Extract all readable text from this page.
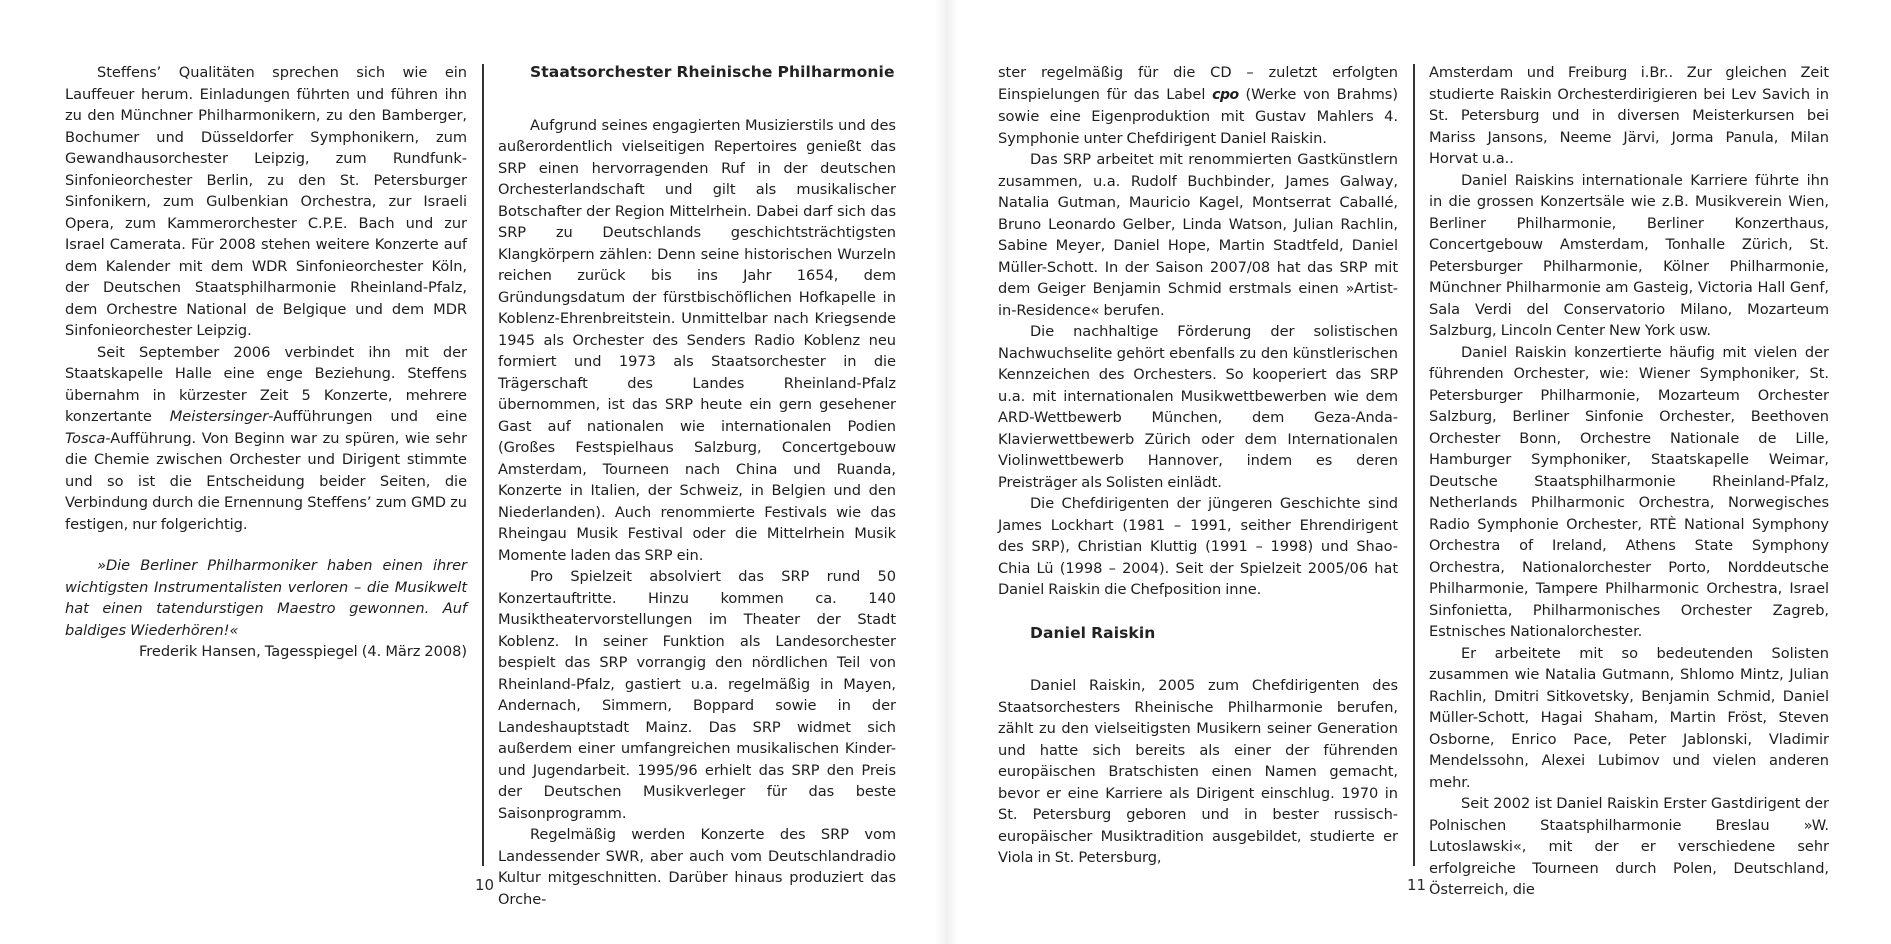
Steffens’ Qualitäten sprechen sich wie ein Lauffeuer herum. Einladungen führten und führen ihn zu den Münchner Philharmonikern, zu den Bamberger, Bochumer und Düsseldorfer Symphonikern, zum Gewandhausorchester Leipzig, zum Rundfunk-Sinfonieorchester Berlin, zu den St. Petersburger Sinfonikern, zum Gulbenkian Orchestra, zur Israeli Opera, zum Kammerorchester C.P.E. Bach und zur Israel Camerata. Für 2008 stehen weitere Konzerte auf dem Kalender mit dem WDR Sinfonieorchester Köln, der Deutschen Staatsphilharmonie Rheinland-Pfalz, dem Orchestre National de Belgique und dem MDR Sinfonieorchester Leipzig.

Seit September 2006 verbindet ihn mit der Staatskapelle Halle eine enge Beziehung. Steffens übernahm in kürzester Zeit 5 Konzerte, mehrere konzertante Meistersinger-Aufführungen und eine Tosca-Aufführung. Von Beginn war zu spüren, wie sehr die Chemie zwischen Orchester und Dirigent stimmte und so ist die Entscheidung beider Seiten, die Verbindung durch die Ernennung Steffens’ zum GMD zu festigen, nur folgerichtig.

»Die Berliner Philharmoniker haben einen ihrer wichtigsten Instrumentalisten verloren – die Musikwelt hat einen tatendurstigen Maestro gewonnen. Auf baldiges Wiederhören!«

Frederik Hansen, Tagesspiegel (4. März 2008)

Staatsorchester Rheinische Philharmonie

Aufgrund seines engagierten Musizierstils und des außerordentlich vielseitigen Repertoires genießt das SRP einen hervorragenden Ruf in der deutschen Orchesterlandschaft und gilt als musikalischer Botschafter der Region Mittelrhein. Dabei darf sich das SRP zu Deutschlands geschichtsträchtigsten Klangkörpern zählen: Denn seine historischen Wurzeln reichen zurück bis ins Jahr 1654, dem Gründungsdatum der fürstbischöflichen Hofkapelle in Koblenz-Ehrenbreitstein. Unmittelbar nach Kriegsende 1945 als Orchester des Senders Radio Koblenz neu formiert und 1973 als Staatsorchester in die Trägerschaft des Landes Rheinland-Pfalz übernommen, ist das SRP heute ein gern gesehener Gast auf nationalen wie internationalen Podien (Großes Festspielhaus Salzburg, Concertgebouw Amsterdam, Tourneen nach China und Ruanda, Konzerte in Italien, der Schweiz, in Belgien und den Niederlanden). Auch renommierte Festivals wie das Rheingau Musik Festival oder die Mittelrhein Musik Momente laden das SRP ein.

Pro Spielzeit absolviert das SRP rund 50 Konzertauftritte. Hinzu kommen ca. 140 Musiktheatervorstellungen im Theater der Stadt Koblenz. In seiner Funktion als Landesorchester bespielt das SRP vorrangig den nördlichen Teil von Rheinland-Pfalz, gastiert u.a. regelmäßig in Mayen, Andernach, Simmern, Boppard sowie in der Landeshauptstadt Mainz. Das SRP widmet sich außerdem einer umfangreichen musikalischen Kinder- und Jugendarbeit. 1995/96 erhielt das SRP den Preis der Deutschen Musikverleger für das beste Saisonprogramm.

Regelmäßig werden Konzerte des SRP vom Landessender SWR, aber auch vom Deutschlandradio Kultur mitgeschnitten. Darüber hinaus produziert das Orche-

10

ster regelmäßig für die CD – zuletzt erfolgten Einspielungen für das Label cpo (Werke von Brahms) sowie eine Eigenproduktion mit Gustav Mahlers 4. Symphonie unter Chefdirigent Daniel Raiskin.

Das SRP arbeitet mit renommierten Gastkünstlern zusammen, u.a. Rudolf Buchbinder, James Galway, Natalia Gutman, Mauricio Kagel, Montserrat Caballé, Bruno Leonardo Gelber, Linda Watson, Julian Rachlin, Sabine Meyer, Daniel Hope, Martin Stadtfeld, Daniel Müller-Schott. In der Saison 2007/08 hat das SRP mit dem Geiger Benjamin Schmid erstmals einen »Artist-in-Residence« berufen.

Die nachhaltige Förderung der solistischen Nachwuchselite gehört ebenfalls zu den künstlerischen Kennzeichen des Orchesters. So kooperiert das SRP u.a. mit internationalen Musikwettbewerben wie dem ARD-Wettbewerb München, dem Geza-Anda-Klavierwettbewerb Zürich oder dem Internationalen Violinwettbewerb Hannover, indem es deren Preisträger als Solisten einlädt.

Die Chefdirigenten der jüngeren Geschichte sind James Lockhart (1981 – 1991, seither Ehrendirigent des SRP), Christian Kluttig (1991 – 1998) und Shao-Chia Lü (1998 – 2004). Seit der Spielzeit 2005/06 hat Daniel Raiskin die Chefposition inne.

Daniel Raiskin

Daniel Raiskin, 2005 zum Chefdirigenten des Staatsorchesters Rheinische Philharmonie berufen, zählt zu den vielseitigsten Musikern seiner Generation und hatte sich bereits als einer der führenden europäischen Bratschisten einen Namen gemacht, bevor er eine Karriere als Dirigent einschlug. 1970 in St. Petersburg geboren und in bester russisch-europäischer Musiktradition ausgebildet, studierte er Viola in St. Petersburg,

Amsterdam und Freiburg i.Br.. Zur gleichen Zeit studierte Raiskin Orchesterdirigieren bei Lev Savich in St. Petersburg und in diversen Meisterkursen bei Mariss Jansons, Neeme Järvi, Jorma Panula, Milan Horvat u.a..

Daniel Raiskins internationale Karriere führte ihn in die grossen Konzertsäle wie z.B. Musikverein Wien, Berliner Philharmonie, Berliner Konzerthaus, Concertgebouw Amsterdam, Tonhalle Zürich, St. Petersburger Philharmonie, Kölner Philharmonie, Münchner Philharmonie am Gasteig, Victoria Hall Genf, Sala Verdi del Conservatorio Milano, Mozarteum Salzburg, Lincoln Center New York usw.

Daniel Raiskin konzertierte häufig mit vielen der führenden Orchester, wie: Wiener Symphoniker, St. Petersburger Philharmonie, Mozarteum Orchester Salzburg, Berliner Sinfonie Orchester, Beethoven Orchester Bonn, Orchestre Nationale de Lille, Hamburger Symphoniker, Staatskapelle Weimar, Deutsche Staatsphilharmonie Rheinland-Pfalz, Netherlands Philharmonic Orchestra, Norwegisches Radio Symphonie Orchester, RTÈ National Symphony Orchestra of Ireland, Athens State Symphony Orchestra, Nationalorchester Porto, Norddeutsche Philharmonie, Tampere Philharmonic Orchestra, Israel Sinfonietta, Philharmonisches Orchester Zagreb, Estnisches Nationalorchester.

Er arbeitete mit so bedeutenden Solisten zusammen wie Natalia Gutmann, Shlomo Mintz, Julian Rachlin, Dmitri Sitkovetsky, Benjamin Schmid, Daniel Müller-Schott, Hagai Shaham, Martin Fröst, Steven Osborne, Enrico Pace, Peter Jablonski, Vladimir Mendelssohn, Alexei Lubimov und vielen anderen mehr.

Seit 2002 ist Daniel Raiskin Erster Gastdirigent der Polnischen Staatsphilharmonie Breslau »W. Lutoslawski«, mit der er verschiedene sehr erfolgreiche Tourneen durch Polen, Deutschland, Österreich, die

11
